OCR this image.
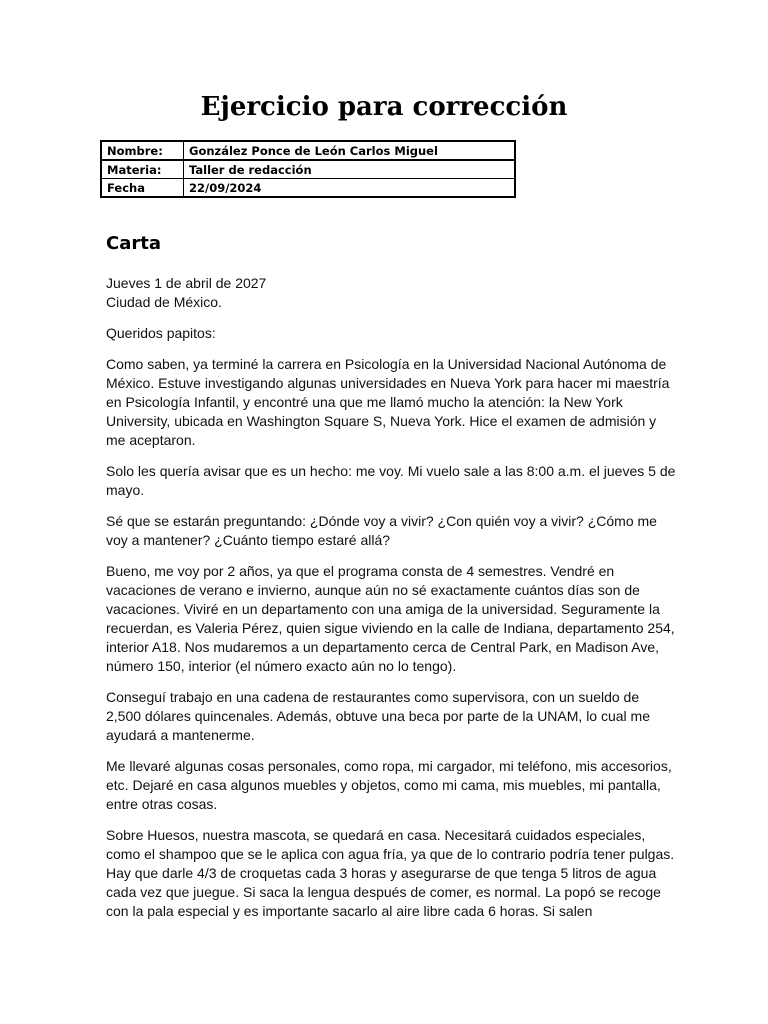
Ejercicio para corrección
Nombre:	González Ponce de León Carlos Miguel
Materia:	Taller de redacción
Fecha	22/09/2024
Carta

Jueves 1 de abril de 2027

Ciudad de México.

Queridos papitos:

Como saben, ya terminé la carrera en Psicología en la Universidad Nacional Autónoma de México. Estuve investigando algunas universidades en Nueva York para hacer mi maestría en Psicología Infantil, y encontré una que me llamó mucho la atención: la New York University, ubicada en Washington Square S, Nueva York. Hice el examen de admisión y me aceptaron.

Solo les quería avisar que es un hecho: me voy. Mi vuelo sale a las 8:00 a.m. el jueves 5 de mayo.

Sé que se estarán preguntando: ¿Dónde voy a vivir? ¿Con quién voy a vivir? ¿Cómo me voy a mantener? ¿Cuánto tiempo estaré allá?

Bueno, me voy por 2 años, ya que el programa consta de 4 semestres. Vendré en vacaciones de verano e invierno, aunque aún no sé exactamente cuántos días son de vacaciones. Viviré en un departamento con una amiga de la universidad. Seguramente la recuerdan, es Valeria Pérez, quien sigue viviendo en la calle de Indiana, departamento 254, interior A18. Nos mudaremos a un departamento cerca de Central Park, en Madison Ave, número 150, interior (el número exacto aún no lo tengo).

Conseguí trabajo en una cadena de restaurantes como supervisora, con un sueldo de 2,500 dólares quincenales. Además, obtuve una beca por parte de la UNAM, lo cual me ayudará a mantenerme.

Me llevaré algunas cosas personales, como ropa, mi cargador, mi teléfono, mis accesorios, etc. Dejaré en casa algunos muebles y objetos, como mi cama, mis muebles, mi pantalla, entre otras cosas.

Sobre Huesos, nuestra mascota, se quedará en casa. Necesitará cuidados especiales, como el shampoo que se le aplica con agua fría, ya que de lo contrario podría tener pulgas. Hay que darle 4/3 de croquetas cada 3 horas y asegurarse de que tenga 5 litros de agua cada vez que juegue. Si saca la lengua después de comer, es normal. La popó se recoge con la pala especial y es importante sacarlo al aire libre cada 6 horas. Si salen
